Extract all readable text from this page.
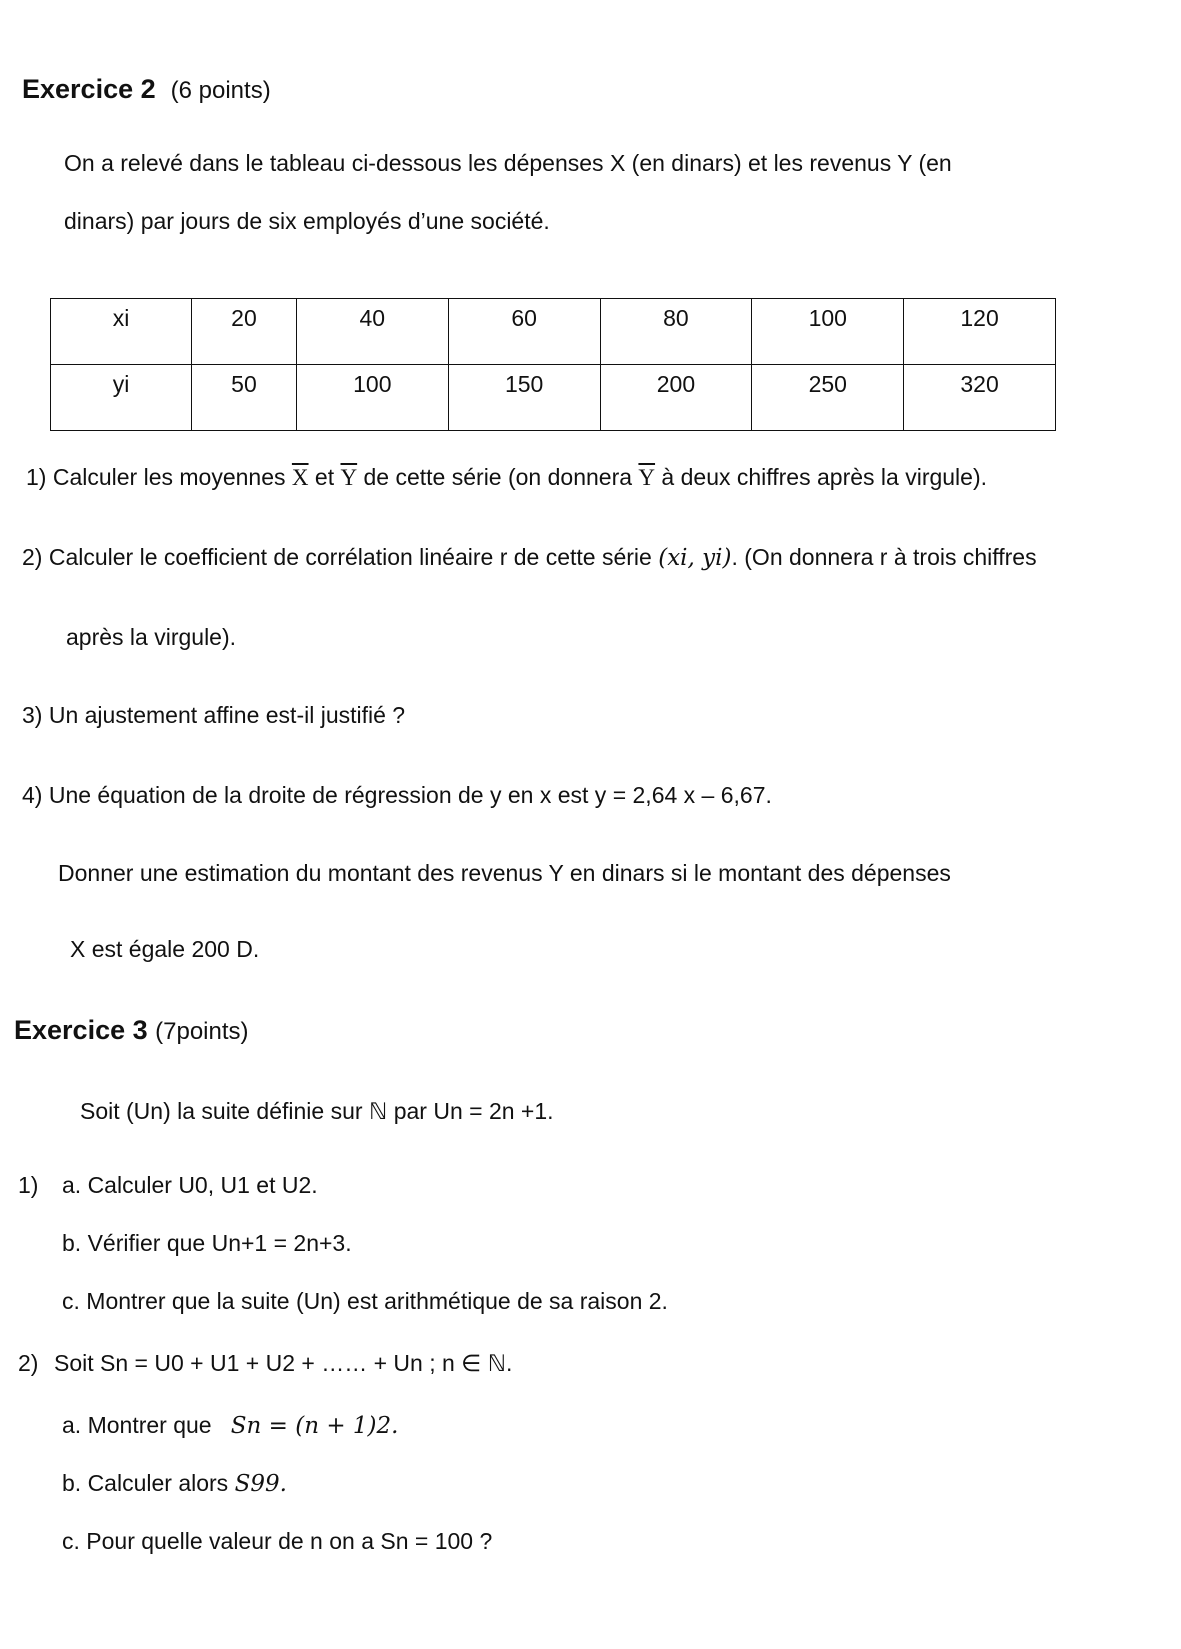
Exercice 2 (6 points)
On a relevé dans le tableau ci-dessous les dépenses X (en dinars) et les revenus Y (en
dinars) par jours de six employés d’une société.
xi	20	40	60	80	100	120
yi	50	100	150	200	250	320
1) Calculer les moyennes $\overline{X}$ et $\overline{Y}$ de cette série (on donnera $\overline{Y}$ à deux chiffres après la virgule).
2) Calculer le coefficient de corrélation linéaire r de cette série (xi, yi). (On donnera r à trois chiffres
après la virgule).
3) Un ajustement affine est-il justifié ?
4) Une équation de la droite de régression de y en x est y = 2,64 x – 6,67.
Donner une estimation du montant des revenus Y en dinars si le montant des dépenses
X est égale 200 D.
Exercice 3 (7points)
Soit (Un) la suite définie sur ℕ par Un = 2n +1.
1) a. Calculer U0, U1 et U2.
b. Vérifier que Un+1 = 2n+3.
c. Montrer que la suite (Un) est arithmétique de sa raison 2.
2) Soit Sn = U0 + U1 + U2 + …… + Un ; n ∈ ℕ.
a. Montrer que Sn = (n + 1)2.
b. Calculer alors S99.
c. Pour quelle valeur de n on a Sn = 100 ?
